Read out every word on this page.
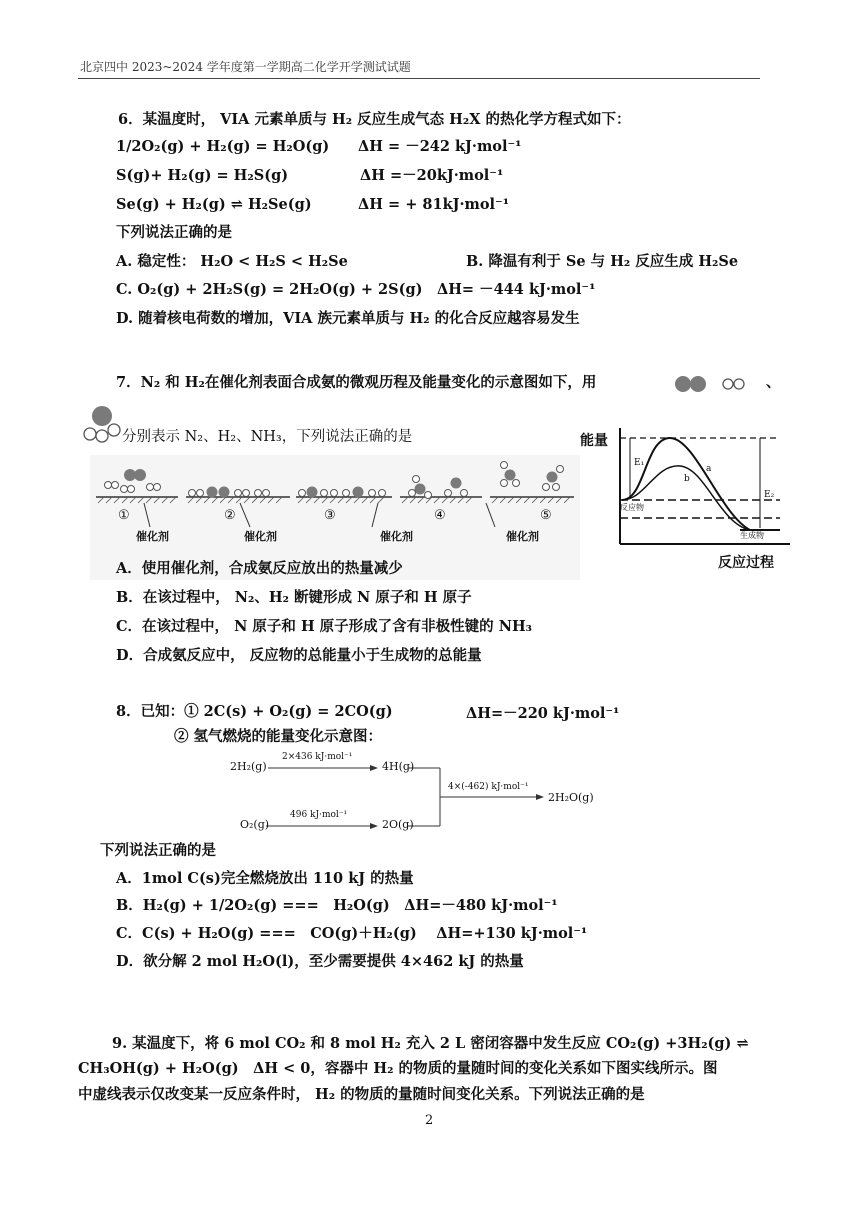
北京四中 2023~2024 学年度第一学期高二化学开学测试试题
6．某温度时， VIA 元素单质与 H₂ 反应生成气态 H₂X 的热化学方程式如下：
1/2O₂(g) + H₂(g) = H₂O(g) ΔH = －242 kJ·mol⁻¹
S(g)+ H₂(g) = H₂S(g)	ΔH =－20kJ·mol⁻¹
Se(g) + H₂(g) ⇌ H₂Se(g)	ΔH = + 81kJ·mol⁻¹
下列说法正确的是
A. 稳定性： H₂O < H₂S < H₂Se	B. 降温有利于 Se 与 H₂ 反应生成 H₂Se
C. O₂(g) + 2H₂S(g) = 2H₂O(g) + 2S(g)　ΔH= －444 kJ·mol⁻¹
D. 随着核电荷数的增加，VIA 族元素单质与 H₂ 的化合反应越容易发生
7．N₂ 和 H₂在催化剂表面合成氨的微观历程及能量变化的示意图如下，用	、
分别表示 N₂、H₂、NH₃，下列说法正确的是
①	②	③	④	⑤
催化剂	催化剂	催化剂	催化剂
能量
E₁
E₂
a
b
反应物
生成物
反应过程
A．使用催化剂，合成氨反应放出的热量减少
B．在该过程中， N₂、H₂ 断键形成 N 原子和 H 原子
C．在该过程中， N 原子和 H 原子形成了含有非极性键的 NH₃
D．合成氨反应中， 反应物的总能量小于生成物的总能量
8．已知：① 2C(s) + O₂(g) = 2CO(g)	ΔH=－220 kJ·mol⁻¹
② 氢气燃烧的能量变化示意图：
2H₂(g)
2×436 kJ·mol⁻¹
4H(g)
O₂(g)
496 kJ·mol⁻¹
2O(g)
4×(-462) kJ·mol⁻¹
2H₂O(g)
下列说法正确的是
A．1mol C(s)完全燃烧放出 110 kJ 的热量
B．H₂(g) + 1/2O₂(g) ===　H₂O(g)　ΔH=－480 kJ·mol⁻¹
C．C(s) + H₂O(g) ===　CO(g)＋H₂(g)　 ΔH=+130 kJ·mol⁻¹
D．欲分解 2 mol H₂O(l)，至少需要提供 4×462 kJ 的热量
9. 某温度下，将 6 mol CO₂ 和 8 mol H₂ 充入 2 L 密闭容器中发生反应 CO₂(g) +3H₂(g) ⇌
CH₃OH(g) + H₂O(g)　ΔH < 0，容器中 H₂ 的物质的量随时间的变化关系如下图实线所示。图
中虚线表示仅改变某一反应条件时， H₂ 的物质的量随时间变化关系。下列说法正确的是
2
